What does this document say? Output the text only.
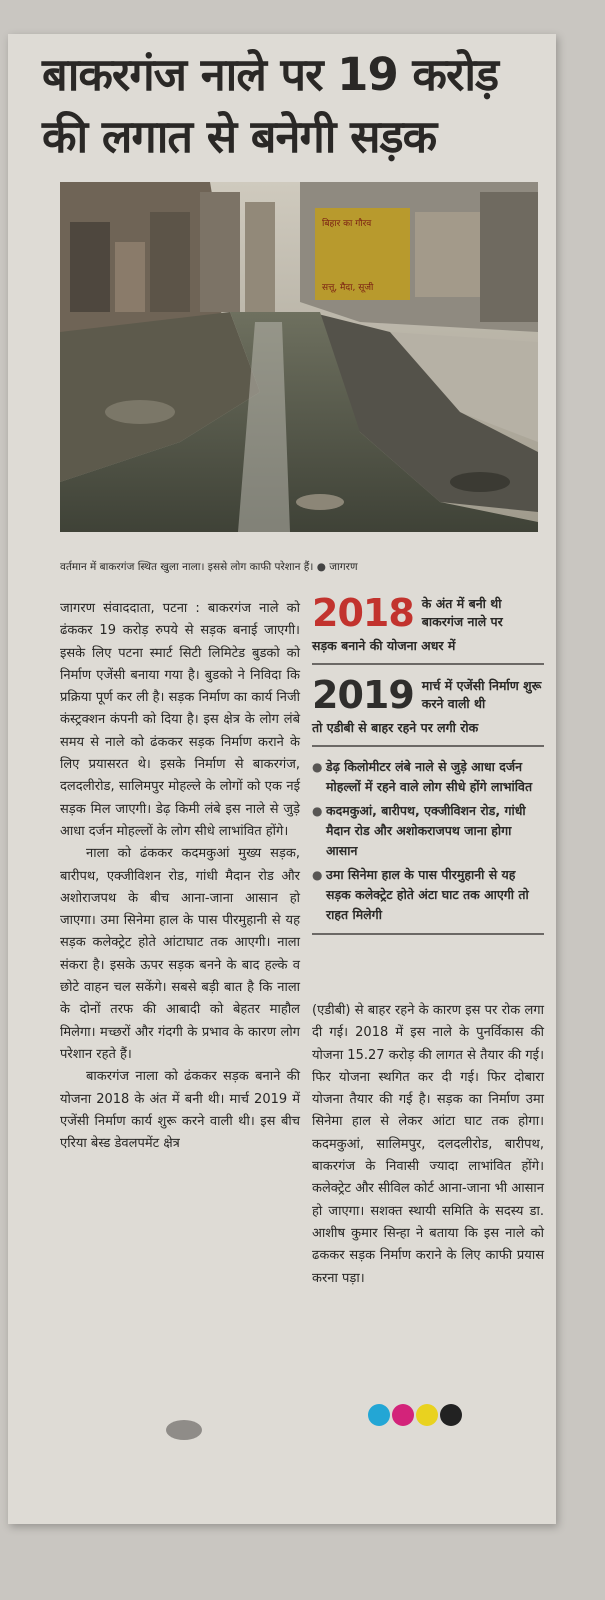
बाकरगंज नाले पर 19 करोड़
की लगात से बनेगी सड़क
बिहार का गौरव
सत्तू, मैदा, सूजी
वर्तमान में बाकरगंज स्थित खुला नाला। इससे लोग काफी परेशान हैं। ● जागरण

जागरण संवाददाता, पटना : बाकरगंज नाले को ढंककर 19 करोड़ रुपये से सड़क बनाई जाएगी। इसके लिए पटना स्मार्ट सिटी लिमिटेड बुडको को निर्माण एजेंसी बनाया गया है। बुडको ने निविदा कि प्रक्रिया पूर्ण कर ली है। सड़क निर्माण का कार्य निजी कंस्ट्रक्शन कंपनी को दिया है। इस क्षेत्र के लोग लंबे समय से नाले को ढंककर सड़क निर्माण कराने के लिए प्रयासरत थे। इसके निर्माण से बाकरगंज, दलदलीरोड, सालिमपुर मोहल्ले के लोगों को एक नई सड़क मिल जाएगी। डेढ़ किमी लंबे इस नाले से जुड़े आधा दर्जन मोहल्लों के लोग सीधे लाभांवित होंगे।

नाला को ढंककर कदमकुआं मुख्य सड़क, बारीपथ, एक्जीविशन रोड, गांधी मैदान रोड और अशोराजपथ के बीच आना-जाना आसान हो जाएगा। उमा सिनेमा हाल के पास पीरमुहानी से यह सड़क कलेक्ट्रेट होते आंटाघाट तक आएगी। नाला संकरा है। इसके ऊपर सड़क बनने के बाद हल्के व छोटे वाहन चल सकेंगे। सबसे बड़ी बात है कि नाला के दोनों तरफ की आबादी को बेहतर माहौल मिलेगा। मच्छरों और गंदगी के प्रभाव के कारण लोग परेशान रहते हैं।

बाकरगंज नाला को ढंककर सड़क बनाने की योजना 2018 के अंत में बनी थी। मार्च 2019 में एजेंसी निर्माण कार्य शुरू करने वाली थी। इस बीच एरिया बेस्ड डेवलपमेंट क्षेत्र

2018 के अंत में बनी थी बाकरगंज नाले पर
सड़क बनाने की योजना अधर में
2019 मार्च में एजेंसी निर्माण शुरू करने वाली थी
तो एडीबी से बाहर रहने पर लगी रोक
● डेढ़ किलोमीटर लंबे नाले से जुड़े आधा दर्जन मोहल्लों में रहने वाले लोग सीधे होंगे लाभांवित
● कदमकुआं, बारीपथ, एक्जीविशन रोड, गांधी मैदान रोड और अशोकराजपथ जाना होगा आसान
● उमा सिनेमा हाल के पास पीरमुहानी से यह सड़क कलेक्ट्रेट होते अंटा घाट तक आएगी तो राहत मिलेगी

(एडीबी) से बाहर रहने के कारण इस पर रोक लगा दी गई। 2018 में इस नाले के पुनर्विकास की योजना 15.27 करोड़ की लागत से तैयार की गई। फिर योजना स्थगित कर दी गई। फिर दोबारा योजना तैयार की गई है। सड़क का निर्माण उमा सिनेमा हाल से लेकर आंटा घाट तक होगा। कदमकुआं, सालिमपुर, दलदलीरोड, बारीपथ, बाकरगंज के निवासी ज्यादा लाभांवित होंगे। कलेक्ट्रेट और सीविल कोर्ट आना-जाना भी आसान हो जाएगा। सशक्त स्थायी समिति के सदस्य डा. आशीष कुमार सिन्हा ने बताया कि इस नाले को ढककर सड़क निर्माण कराने के लिए काफी प्रयास करना पड़ा।
